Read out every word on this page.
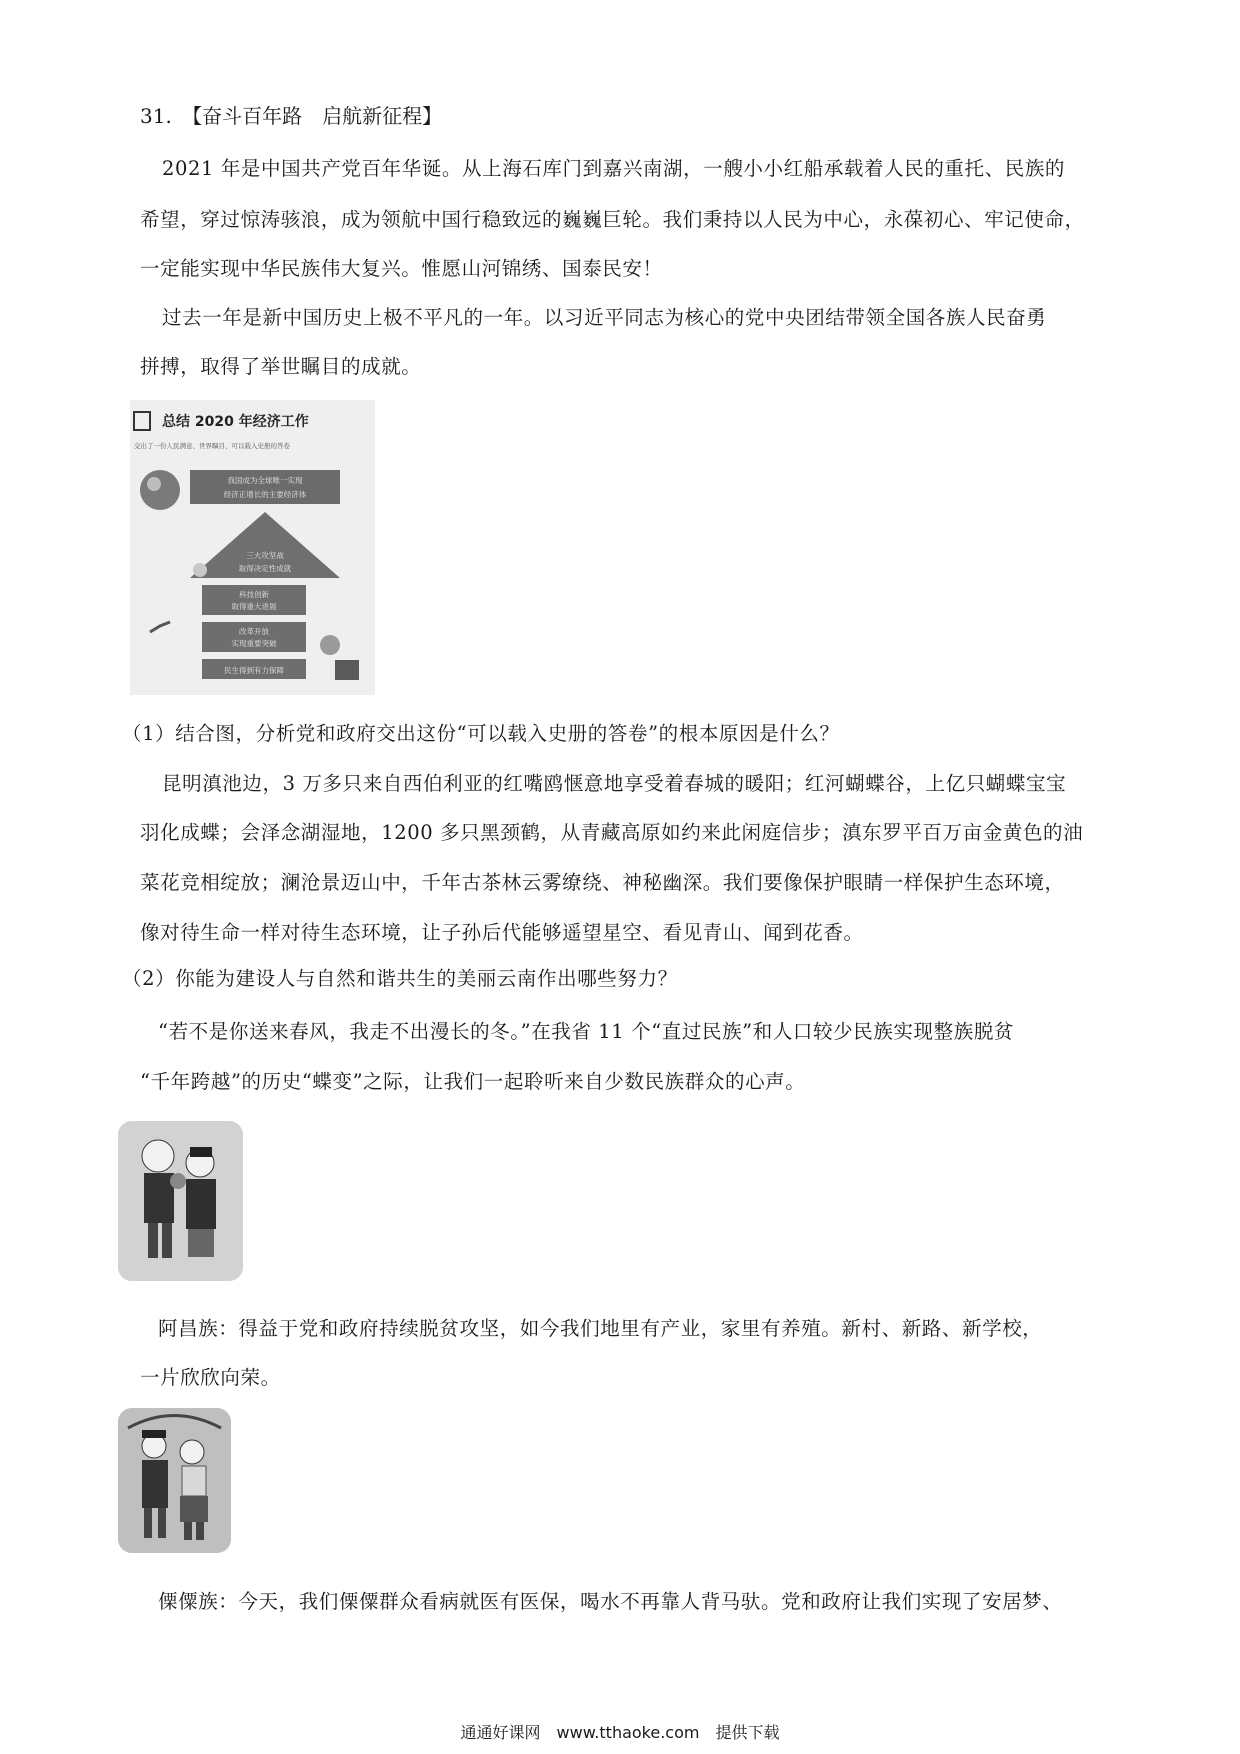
31. 【奋斗百年路　启航新征程】
2021 年是中国共产党百年华诞。从上海石库门到嘉兴南湖，一艘小小红船承载着人民的重托、民族的
希望，穿过惊涛骇浪，成为领航中国行稳致远的巍巍巨轮。我们秉持以人民为中心，永葆初心、牢记使命，
一定能实现中华民族伟大复兴。惟愿山河锦绣、国泰民安！
过去一年是新中国历史上极不平凡的一年。以习近平同志为核心的党中央团结带领全国各族人民奋勇
拼搏，取得了举世瞩目的成就。
总结 2020 年经济工作
交出了一份人民满意、世界瞩目、可以载入史册的答卷
我国成为全球唯一实现
经济正增长的主要经济体
三大攻坚战
取得决定性成就
科技创新
取得重大进展
改革开放
实现重要突破
民生得到有力保障
（1）结合图，分析党和政府交出这份“可以载入史册的答卷”的根本原因是什么？
昆明滇池边，3 万多只来自西伯利亚的红嘴鸥惬意地享受着春城的暖阳；红河蝴蝶谷，上亿只蝴蝶宝宝
羽化成蝶；会泽念湖湿地，1200 多只黑颈鹤，从青藏高原如约来此闲庭信步；滇东罗平百万亩金黄色的油
菜花竞相绽放；澜沧景迈山中，千年古茶林云雾缭绕、神秘幽深。我们要像保护眼睛一样保护生态环境，
像对待生命一样对待生态环境，让子孙后代能够遥望星空、看见青山、闻到花香。
（2）你能为建设人与自然和谐共生的美丽云南作出哪些努力？
“若不是你送来春风，我走不出漫长的冬。”在我省 11 个“直过民族”和人口较少民族实现整族脱贫
“千年跨越”的历史“蝶变”之际，让我们一起聆听来自少数民族群众的心声。
阿昌族：得益于党和政府持续脱贫攻坚，如今我们地里有产业，家里有养殖。新村、新路、新学校，
一片欣欣向荣。
傈僳族：今天，我们傈僳群众看病就医有医保，喝水不再靠人背马驮。党和政府让我们实现了安居梦、
通通好课网　www.tthaoke.com　提供下载
